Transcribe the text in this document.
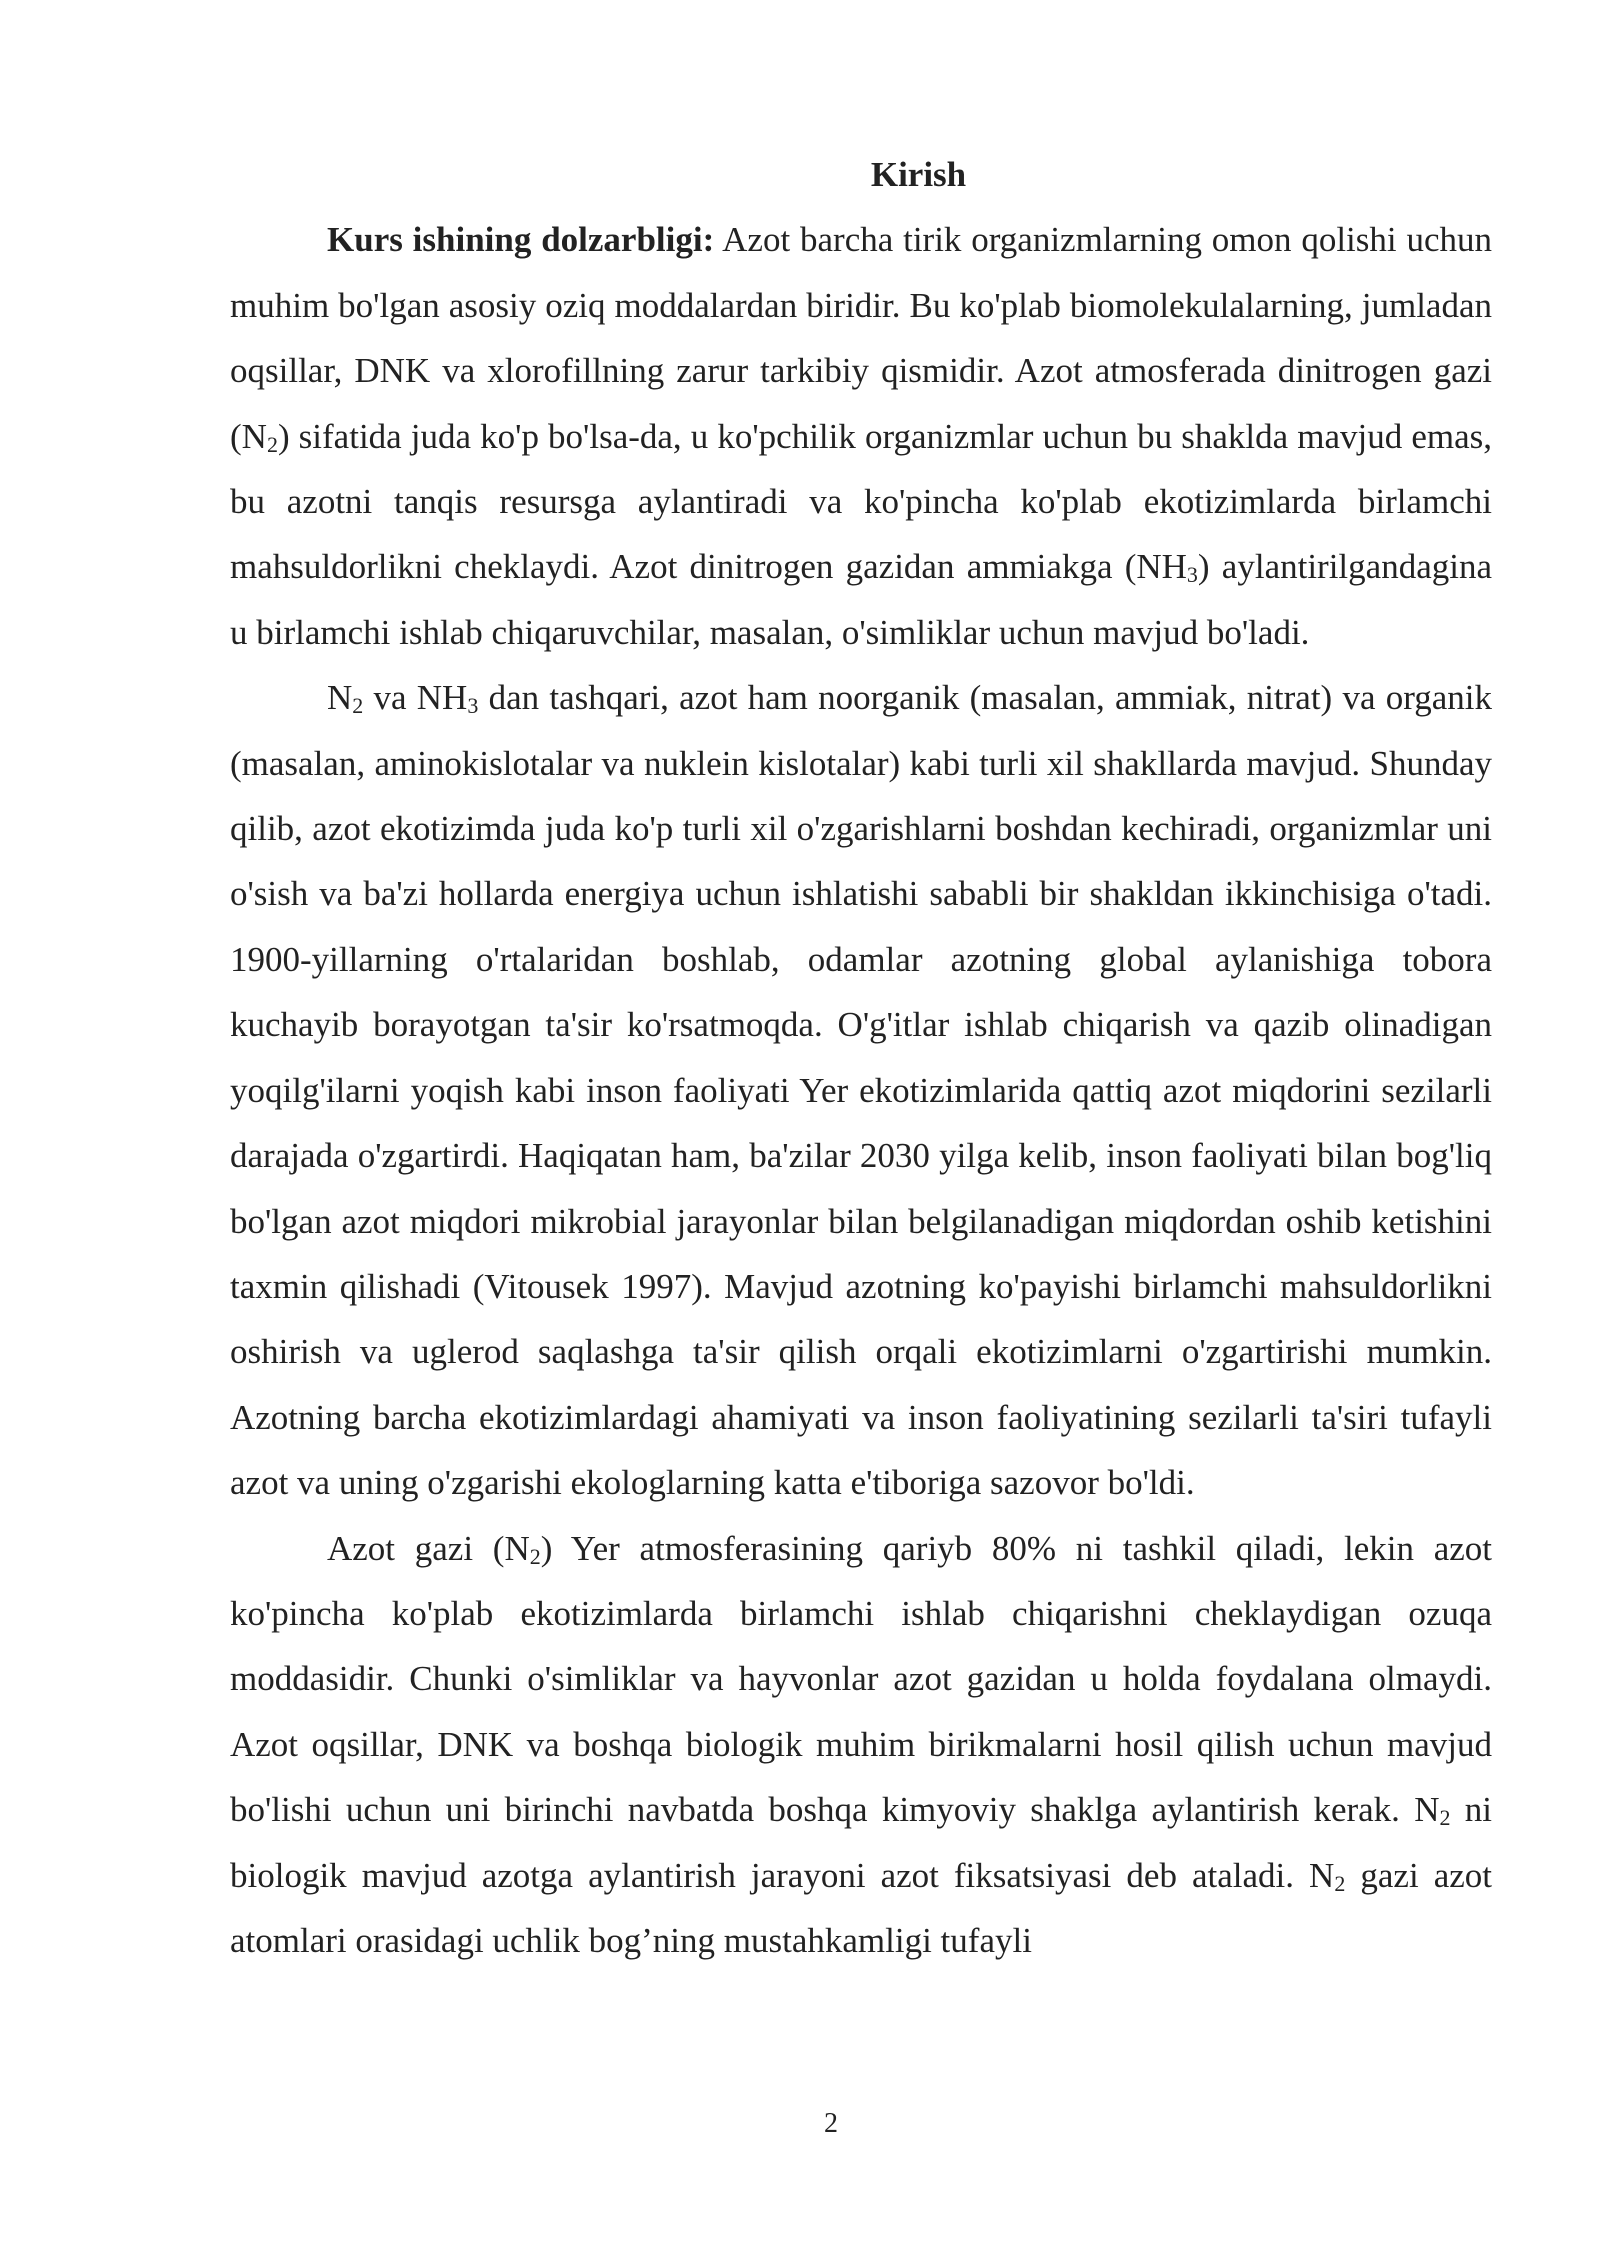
Kirish

Kurs ishining dolzarbligi: Azot barcha tirik organizmlarning omon qolishi uchun muhim bo'lgan asosiy oziq moddalardan biridir. Bu ko'plab biomolekulalarning, jumladan oqsillar, DNK va xlorofillning zarur tarkibiy qismidir. Azot atmosferada dinitrogen gazi $(N_2)$ sifatida juda ko'p bo'lsa-da, u ko'pchilik organizmlar uchun bu shaklda mavjud emas, bu azotni tanqis resursga aylantiradi va ko'pincha ko'plab ekotizimlarda birlamchi mahsuldorlikni cheklaydi. Azot dinitrogen gazidan ammiakga $(NH_3)$ aylantirilgandagina u birlamchi ishlab chiqaruvchilar, masalan, o'simliklar uchun mavjud bo'ladi.

$N_2$ va $NH_3$ dan tashqari, azot ham noorganik (masalan, ammiak, nitrat) va organik (masalan, aminokislotalar va nuklein kislotalar) kabi turli xil shakllarda mavjud. Shunday qilib, azot ekotizimda juda ko'p turli xil o'zgarishlarni boshdan kechiradi, organizmlar uni o'sish va ba'zi hollarda energiya uchun ishlatishi sababli bir shakldan ikkinchisiga o'tadi. 1900-yillarning o'rtalaridan boshlab, odamlar azotning global aylanishiga tobora kuchayib borayotgan ta'sir ko'rsatmoqda. O'g'itlar ishlab chiqarish va qazib olinadigan yoqilg'ilarni yoqish kabi inson faoliyati Yer ekotizimlarida qattiq azot miqdorini sezilarli darajada o'zgartirdi. Haqiqatan ham, ba'zilar 2030 yilga kelib, inson faoliyati bilan bog'liq bo'lgan azot miqdori mikrobial jarayonlar bilan belgilanadigan miqdordan oshib ketishini taxmin qilishadi (Vitousek 1997). Mavjud azotning ko'payishi birlamchi mahsuldorlikni oshirish va uglerod saqlashga ta'sir qilish orqali ekotizimlarni o'zgartirishi mumkin. Azotning barcha ekotizimlardagi ahamiyati va inson faoliyatining sezilarli ta'siri tufayli azot va uning o'zgarishi ekologlarning katta e'tiboriga sazovor bo'ldi.

Azot gazi $(N_2)$ Yer atmosferasining qariyb 80% ni tashkil qiladi, lekin azot ko'pincha ko'plab ekotizimlarda birlamchi ishlab chiqarishni cheklaydigan ozuqa moddasidir. Chunki o'simliklar va hayvonlar azot gazidan u holda foydalana olmaydi. Azot oqsillar, DNK va boshqa biologik muhim birikmalarni hosil qilish uchun mavjud bo'lishi uchun uni birinchi navbatda boshqa kimyoviy shaklga aylantirish kerak. $N_2$ ni biologik mavjud azotga aylantirish jarayoni azot fiksatsiyasi deb ataladi. $N_2$ gazi azot atomlari orasidagi uchlik bog’ning mustahkamligi tufayli

2
